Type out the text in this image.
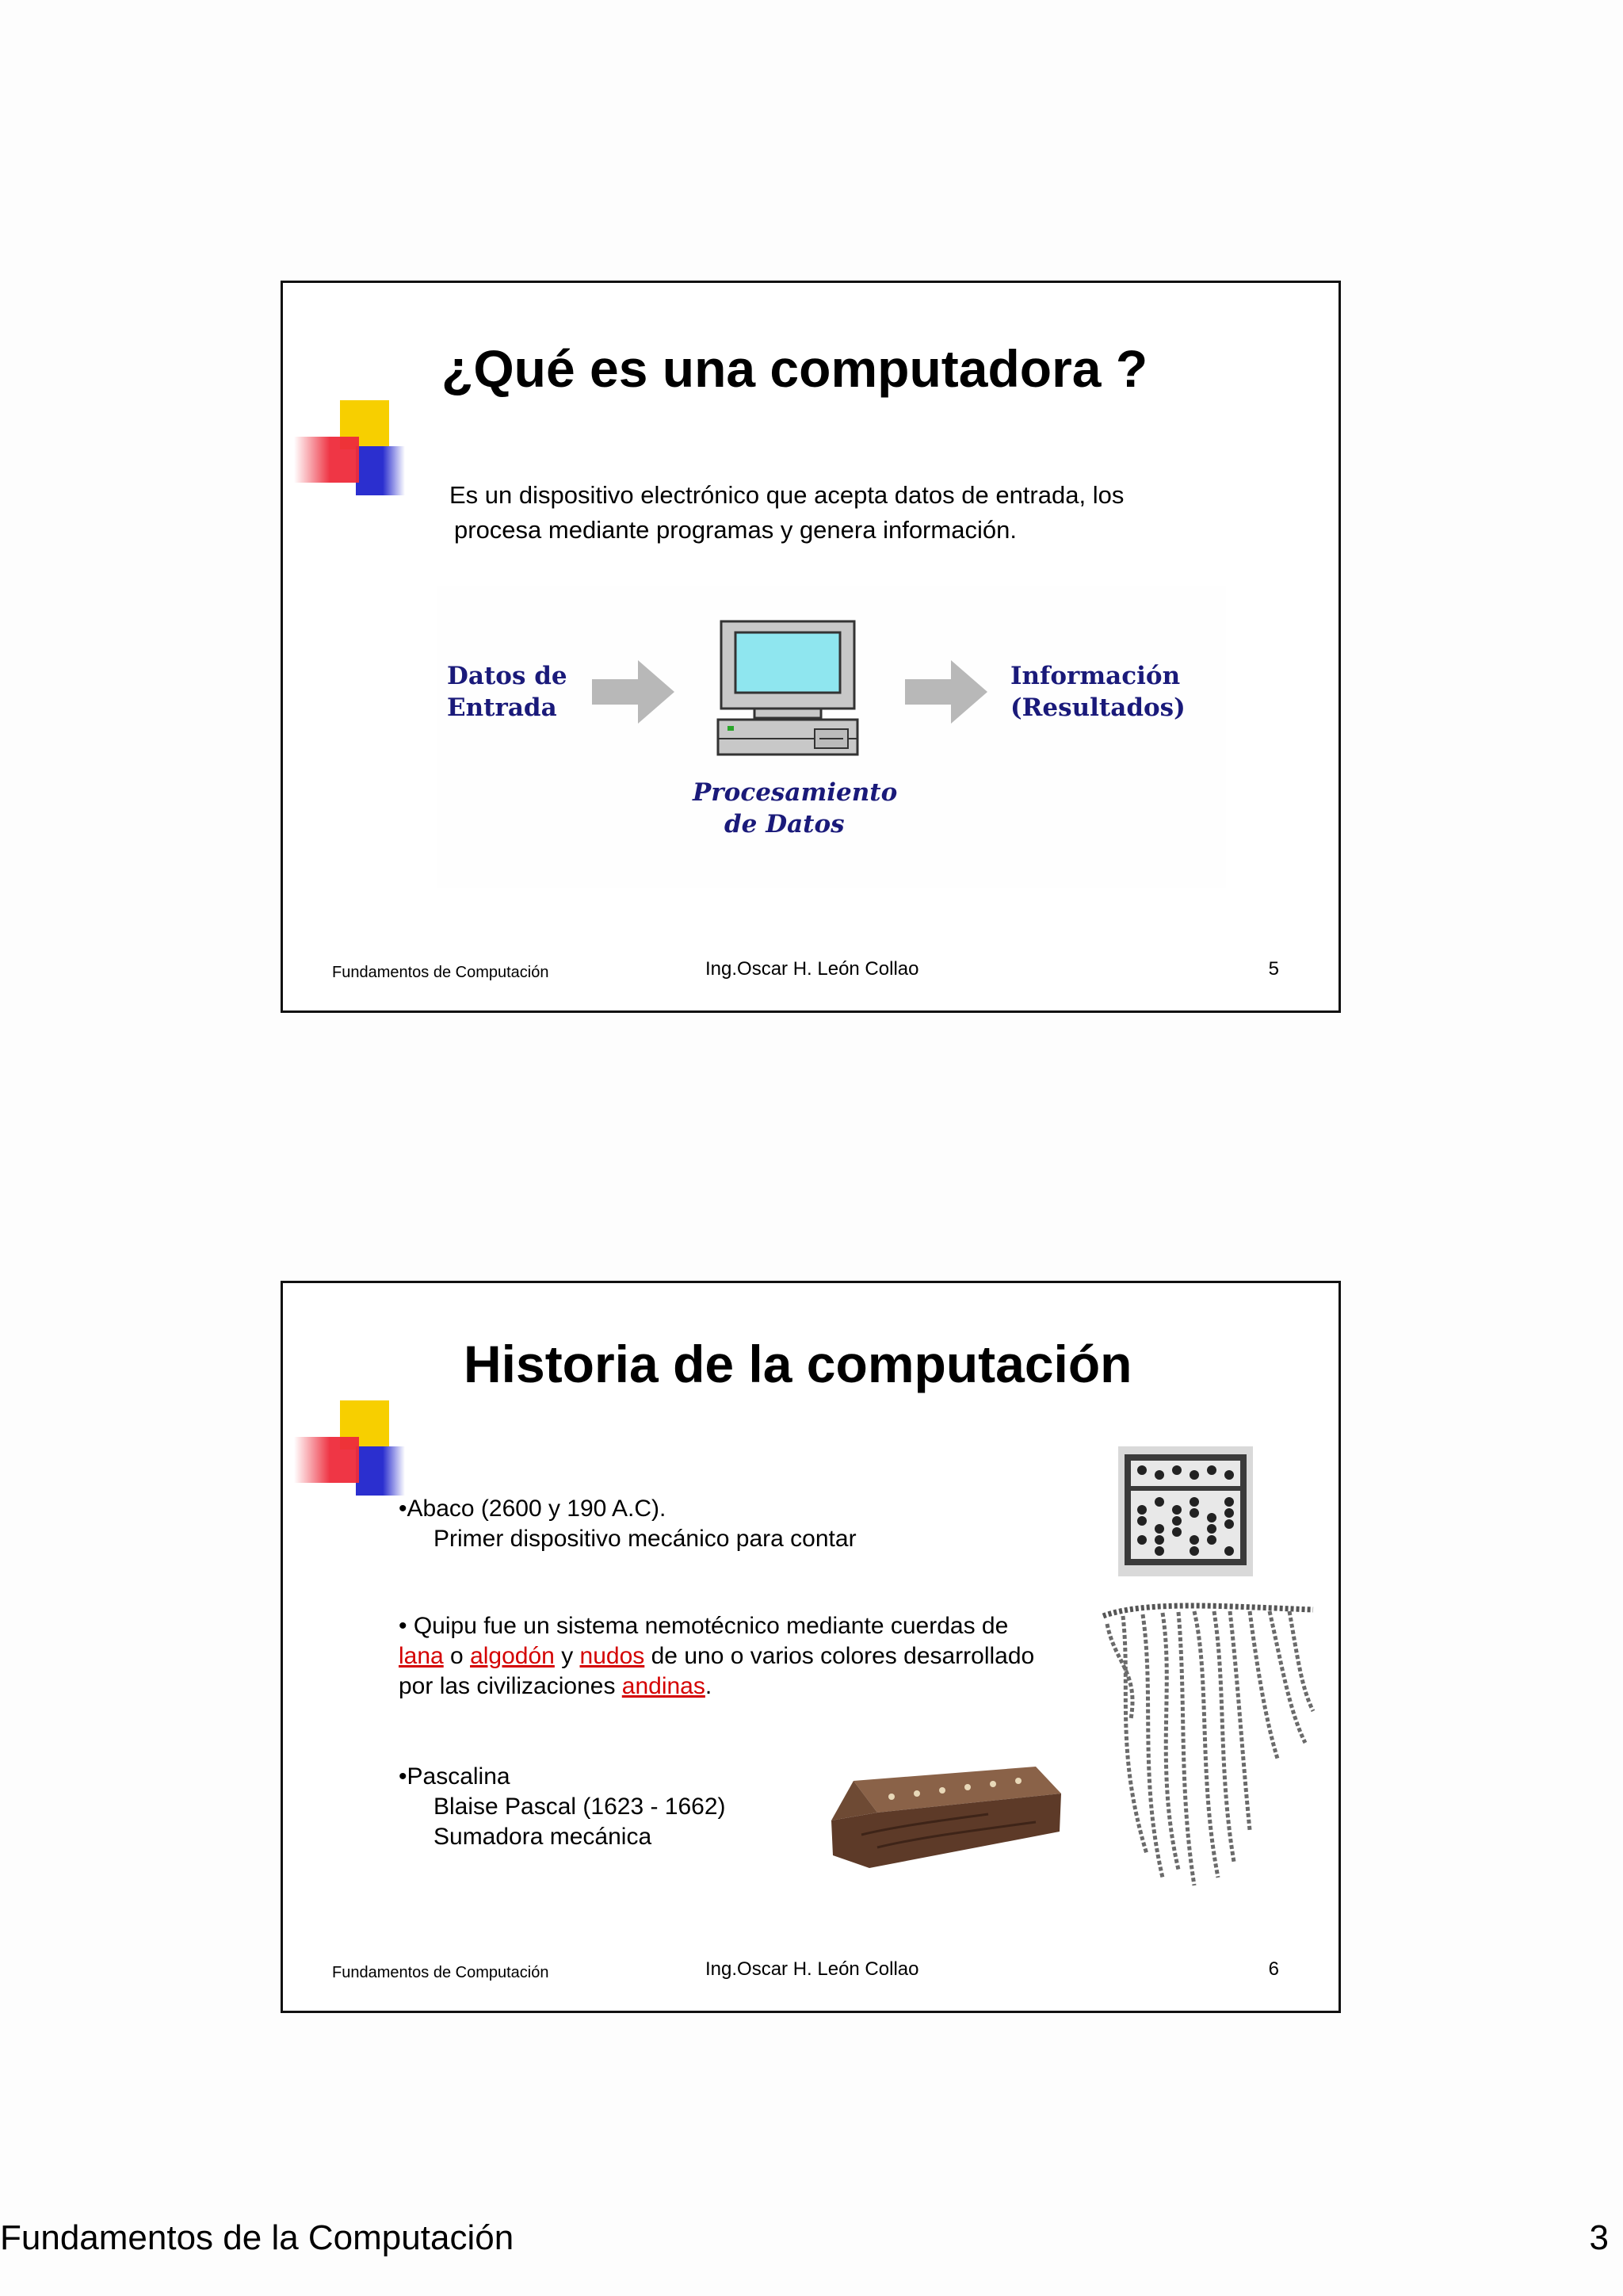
¿Qué es una computadora ?
Es un dispositivo electrónico que acepta datos de entrada, los
procesa mediante programas y genera información.
Datos de
Entrada
Información
(Resultados)
Procesamiento
de Datos
Fundamentos de Computación	Ing.Oscar H. León Collao	5
Historia de la computación
•Abaco (2600 y 190 A.C).
Primer dispositivo mecánico para contar
• Quipu fue un sistema nemotécnico mediante cuerdas de
lana o algodón y nudos de uno o varios colores desarrollado
por las civilizaciones andinas.
•Pascalina
Blaise Pascal (1623 - 1662)
Sumadora mecánica
Fundamentos de Computación	Ing.Oscar H. León Collao	6
Fundamentos de la Computación	3
